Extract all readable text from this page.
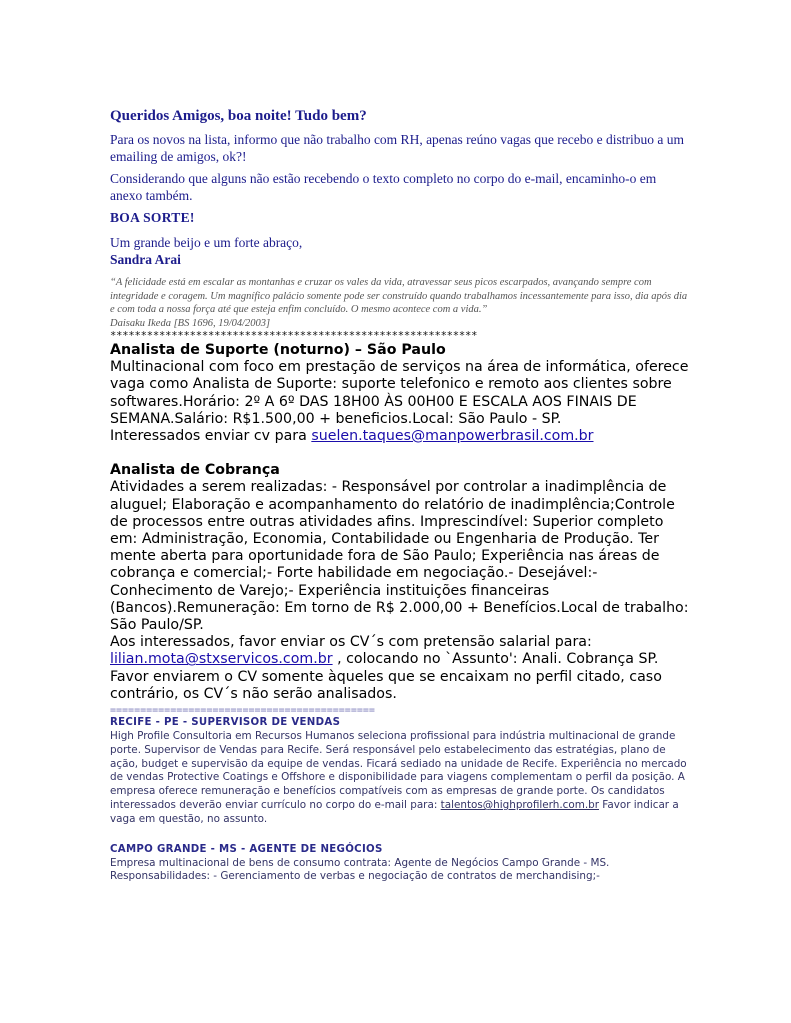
Queridos Amigos, boa noite! Tudo bem?

Para os novos na lista, informo que não trabalho com RH, apenas reúno vagas que recebo e distribuo a um emailing de amigos, ok?!

Considerando que alguns não estão recebendo o texto completo no corpo do e-mail, encaminho-o em anexo também.

BOA SORTE!
Um grande beijo e um forte abraço,
Sandra Arai
“A felicidade está em escalar as montanhas e cruzar os vales da vida, atravessar seus picos escarpados, avançando sempre com integridade e coragem. Um magnífico palácio somente pode ser construído quando trabalhamos incessantemente para isso, dia após dia e com toda a nossa força até que esteja enfim concluído. O mesmo acontece com a vida.”
Daisaku Ikeda [BS 1696, 19/04/2003]
************************************************************
Analista de Suporte (noturno) – São Paulo

Multinacional com foco em prestação de serviços na área de informática, oferece vaga como Analista de Suporte: suporte telefonico e remoto aos clientes sobre softwares.Horário: 2º A 6º DAS 18H00 ÀS 00H00 E ESCALA AOS FINAIS DE SEMANA.Salário: R$1.500,00 + beneficios.Local: São Paulo - SP.

Interessados enviar cv para suelen.taques@manpowerbrasil.com.br

Analista de Cobrança

Atividades a serem realizadas: - Responsável por controlar a inadimplência de aluguel; Elaboração e acompanhamento do relatório de inadimplência;Controle de processos entre outras atividades afins. Imprescindível: Superior completo em: Administração, Economia, Contabilidade ou Engenharia de Produção. Ter mente aberta para oportunidade fora de São Paulo; Experiência nas áreas de cobrança e comercial;- Forte habilidade em negociação.- Desejável:- Conhecimento de Varejo;- Experiência instituições financeiras (Bancos).Remuneração: Em torno de R$ 2.000,00 + Benefícios.Local de trabalho: São Paulo/SP.

Aos interessados, favor enviar os CV´s com pretensão salarial para:

lilian.mota@stxservicos.com.br , colocando no `Assunto': Anali. Cobrança SP.

Favor enviarem o CV somente àqueles que se encaixam no perfil citado, caso contrário, os CV´s não serão analisados.

============================================
RECIFE - PE - SUPERVISOR DE VENDAS

High Profile Consultoria em Recursos Humanos seleciona profissional para indústria multinacional de grande porte. Supervisor de Vendas para Recife. Será responsável pelo estabelecimento das estratégias, plano de ação, budget e supervisão da equipe de vendas. Ficará sediado na unidade de Recife. Experiência no mercado de vendas Protective Coatings e Offshore e disponibilidade para viagens complementam o perfil da posição. A empresa oferece remuneração e benefícios compatíveis com as empresas de grande porte. Os candidatos interessados deverão enviar currículo no corpo do e-mail para: talentos@highprofilerh.com.br Favor indicar a vaga em questão, no assunto.

CAMPO GRANDE - MS - AGENTE DE NEGÓCIOS

Empresa multinacional de bens de consumo contrata: Agente de Negócios Campo Grande - MS. Responsabilidades: - Gerenciamento de verbas e negociação de contratos de merchandising;-
